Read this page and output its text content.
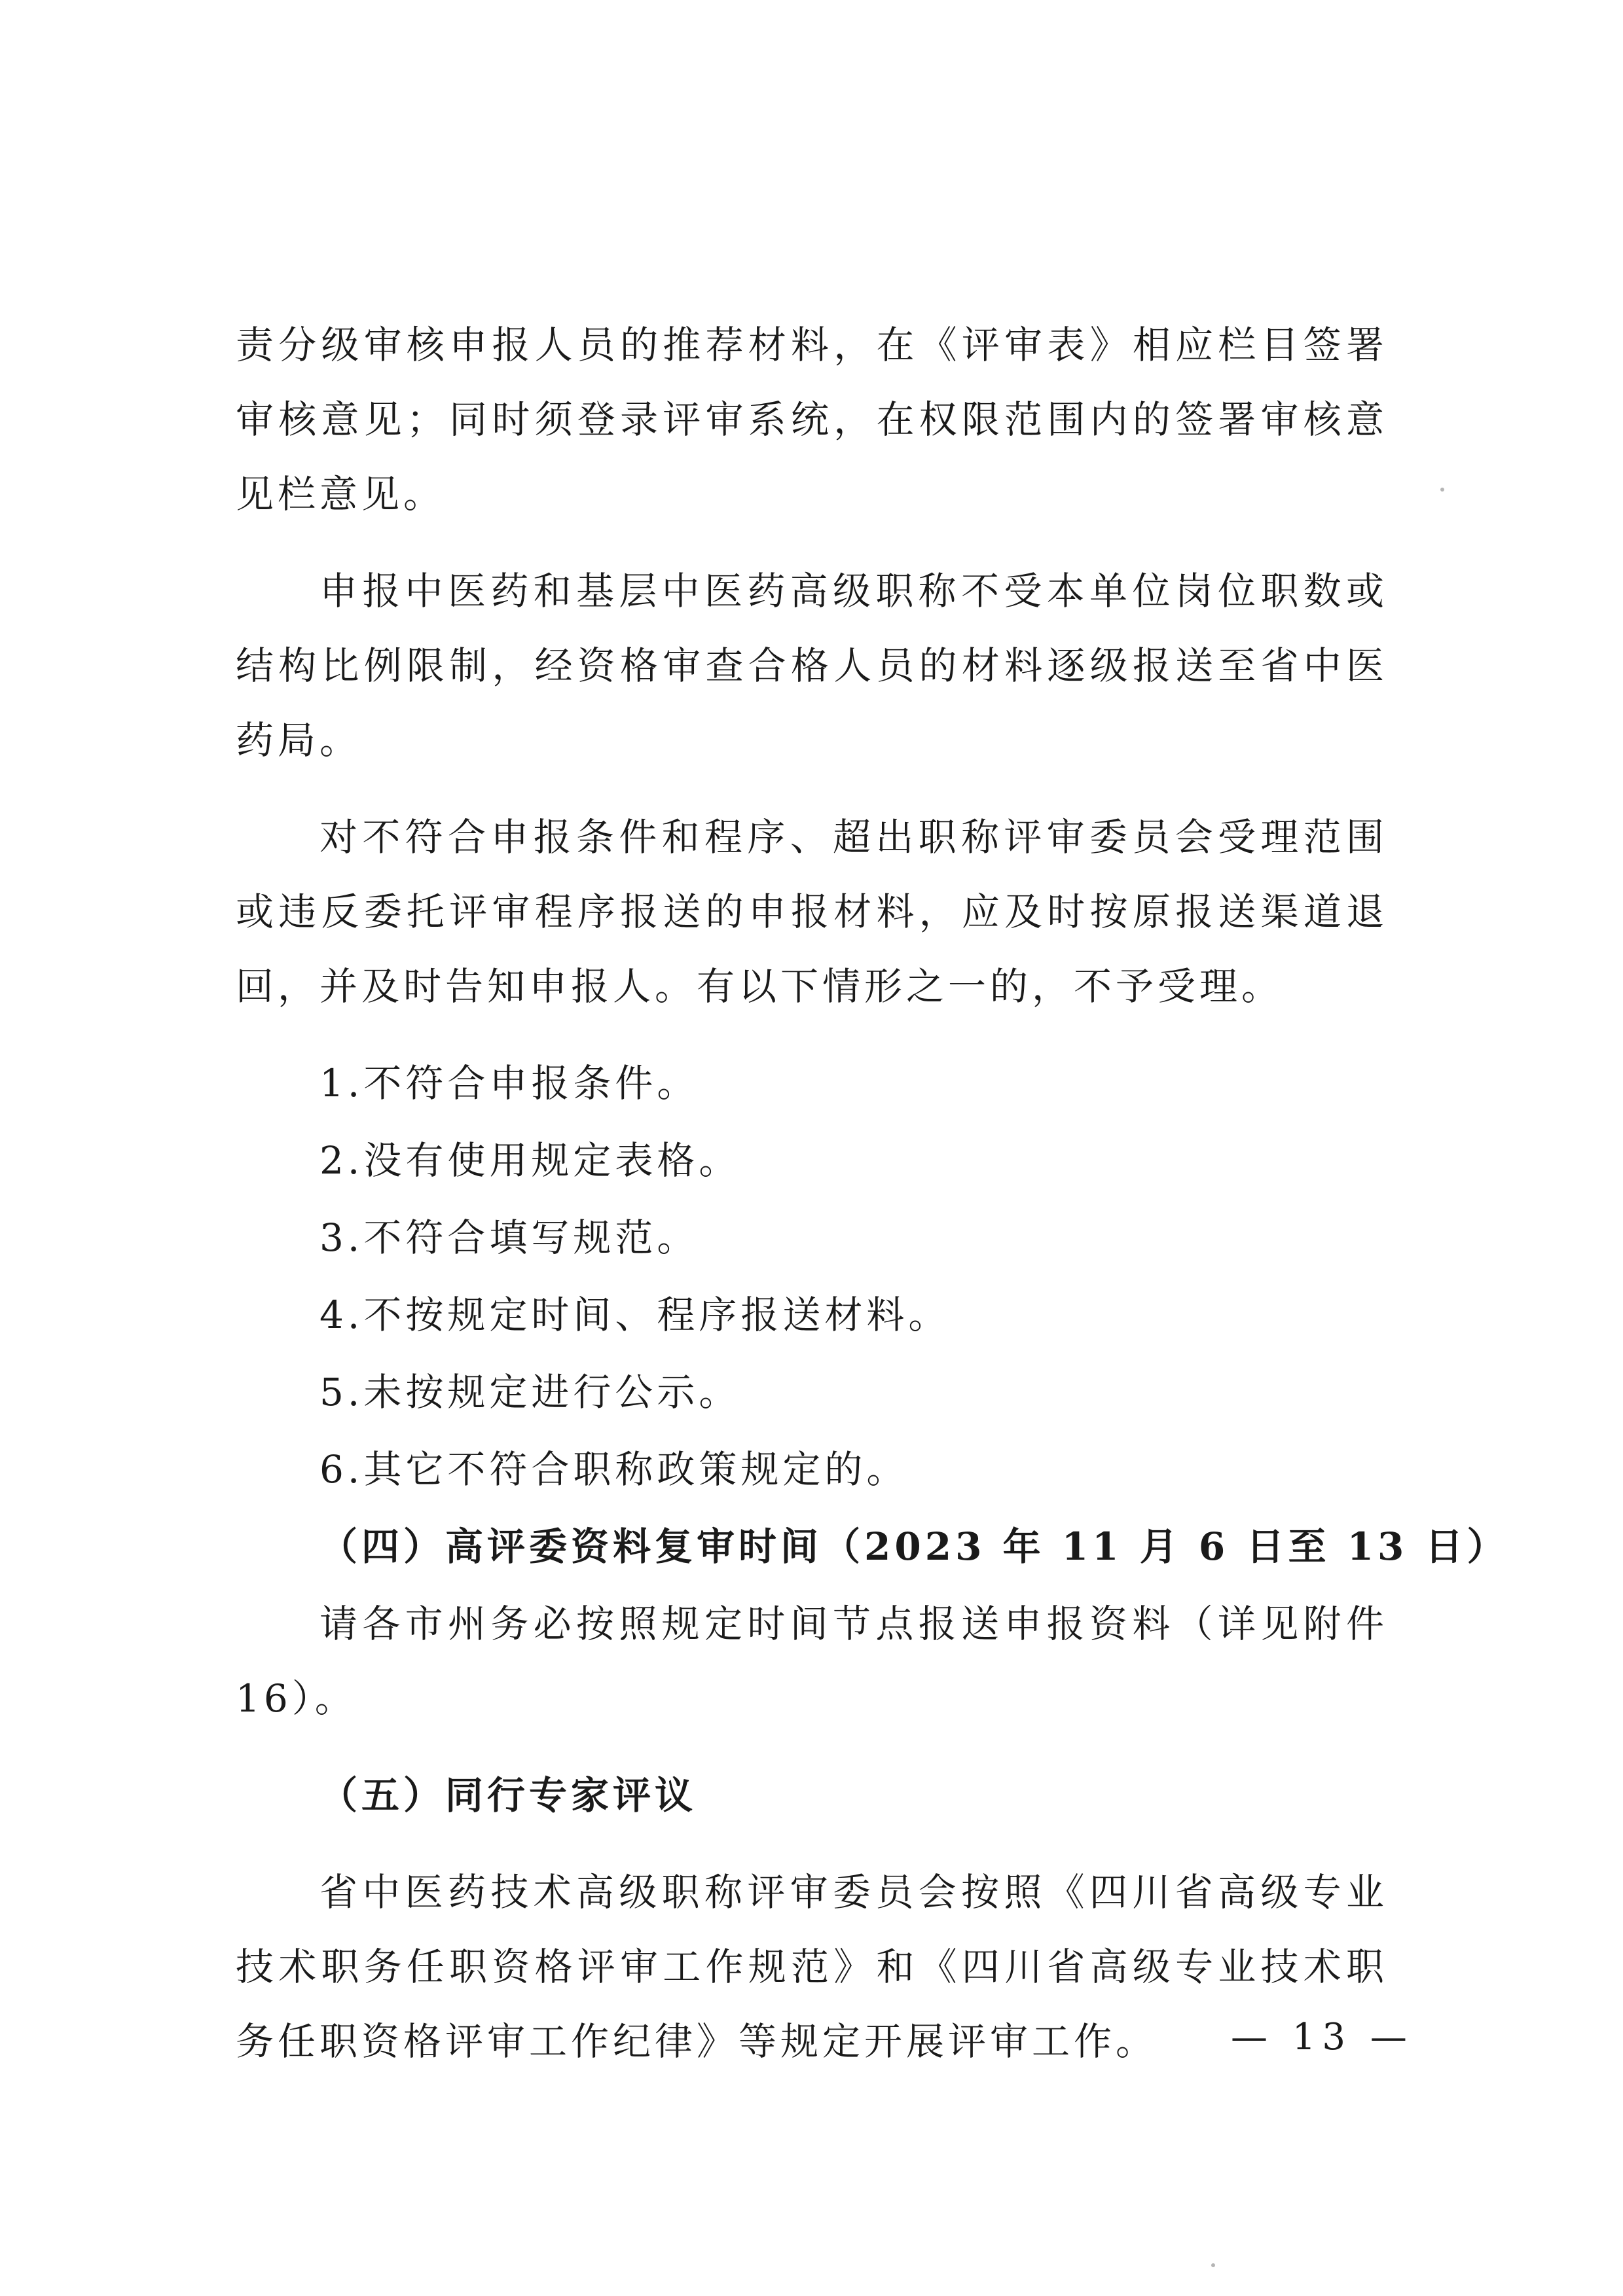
责分级审核申报人员的推荐材料，在《评审表》相应栏目签署审核意见；同时须登录评审系统，在权限范围内的签署审核意见栏意见。

申报中医药和基层中医药高级职称不受本单位岗位职数或结构比例限制，经资格审查合格人员的材料逐级报送至省中医药局。

对不符合申报条件和程序、超出职称评审委员会受理范围或违反委托评审程序报送的申报材料，应及时按原报送渠道退回，并及时告知申报人。有以下情形之一的，不予受理。

1.不符合申报条件。

2.没有使用规定表格。

3.不符合填写规范。

4.不按规定时间、程序报送材料。

5.未按规定进行公示。

6.其它不符合职称政策规定的。

（四）高评委资料复审时间（2023 年 11 月 6 日至 13 日）

请各市州务必按照规定时间节点报送申报资料（详见附件16）。

（五）同行专家评议

省中医药技术高级职称评审委员会按照《四川省高级专业技术职务任职资格评审工作规范》和《四川省高级专业技术职务任职资格评审工作纪律》等规定开展评审工作。	— 13 —
